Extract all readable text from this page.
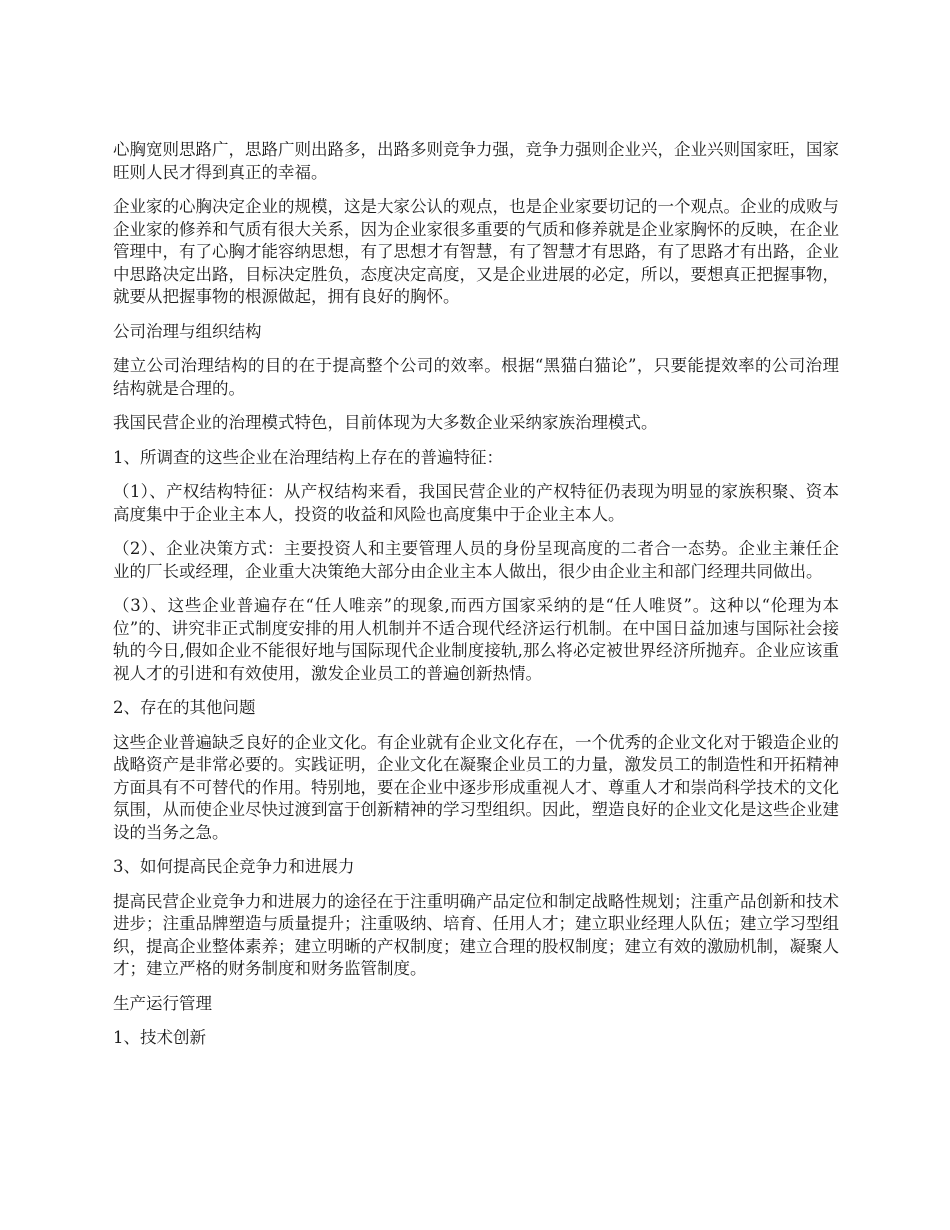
心胸宽则思路广，思路广则出路多，出路多则竞争力强，竞争力强则企业兴，企业兴则国家旺，国家旺则人民才得到真正的幸福。

企业家的心胸决定企业的规模，这是大家公认的观点，也是企业家要切记的一个观点。企业的成败与企业家的修养和气质有很大关系，因为企业家很多重要的气质和修养就是企业家胸怀的反映，在企业管理中，有了心胸才能容纳思想，有了思想才有智慧，有了智慧才有思路，有了思路才有出路，企业中思路决定出路，目标决定胜负，态度决定高度，又是企业进展的必定，所以，要想真正把握事物，就要从把握事物的根源做起，拥有良好的胸怀。

公司治理与组织结构

建立公司治理结构的目的在于提高整个公司的效率。根据“黑猫白猫论”，只要能提效率的公司治理结构就是合理的。

我国民营企业的治理模式特色，目前体现为大多数企业采纳家族治理模式。

1、所调查的这些企业在治理结构上存在的普遍特征：

（1）、产权结构特征：从产权结构来看，我国民营企业的产权特征仍表现为明显的家族积聚、资本高度集中于企业主本人，投资的收益和风险也高度集中于企业主本人。

（2）、企业决策方式：主要投资人和主要管理人员的身份呈现高度的二者合一态势。企业主兼任企业的厂长或经理，企业重大决策绝大部分由企业主本人做出，很少由企业主和部门经理共同做出。

（3）、这些企业普遍存在“任人唯亲”的现象,而西方国家采纳的是“任人唯贤”。这种以“伦理为本位”的、讲究非正式制度安排的用人机制并不适合现代经济运行机制。在中国日益加速与国际社会接轨的今日,假如企业不能很好地与国际现代企业制度接轨,那么将必定被世界经济所抛弃。企业应该重视人才的引进和有效使用，激发企业员工的普遍创新热情。

2、存在的其他问题

这些企业普遍缺乏良好的企业文化。有企业就有企业文化存在，一个优秀的企业文化对于锻造企业的战略资产是非常必要的。实践证明，企业文化在凝聚企业员工的力量，激发员工的制造性和开拓精神方面具有不可替代的作用。特别地，要在企业中逐步形成重视人才、尊重人才和崇尚科学技术的文化氛围，从而使企业尽快过渡到富于创新精神的学习型组织。因此，塑造良好的企业文化是这些企业建设的当务之急。

3、如何提高民企竞争力和进展力

提高民营企业竞争力和进展力的途径在于注重明确产品定位和制定战略性规划；注重产品创新和技术进步；注重品牌塑造与质量提升；注重吸纳、培育、任用人才；建立职业经理人队伍；建立学习型组织，提高企业整体素养；建立明晰的产权制度；建立合理的股权制度；建立有效的激励机制，凝聚人才；建立严格的财务制度和财务监管制度。

生产运行管理

1、技术创新
